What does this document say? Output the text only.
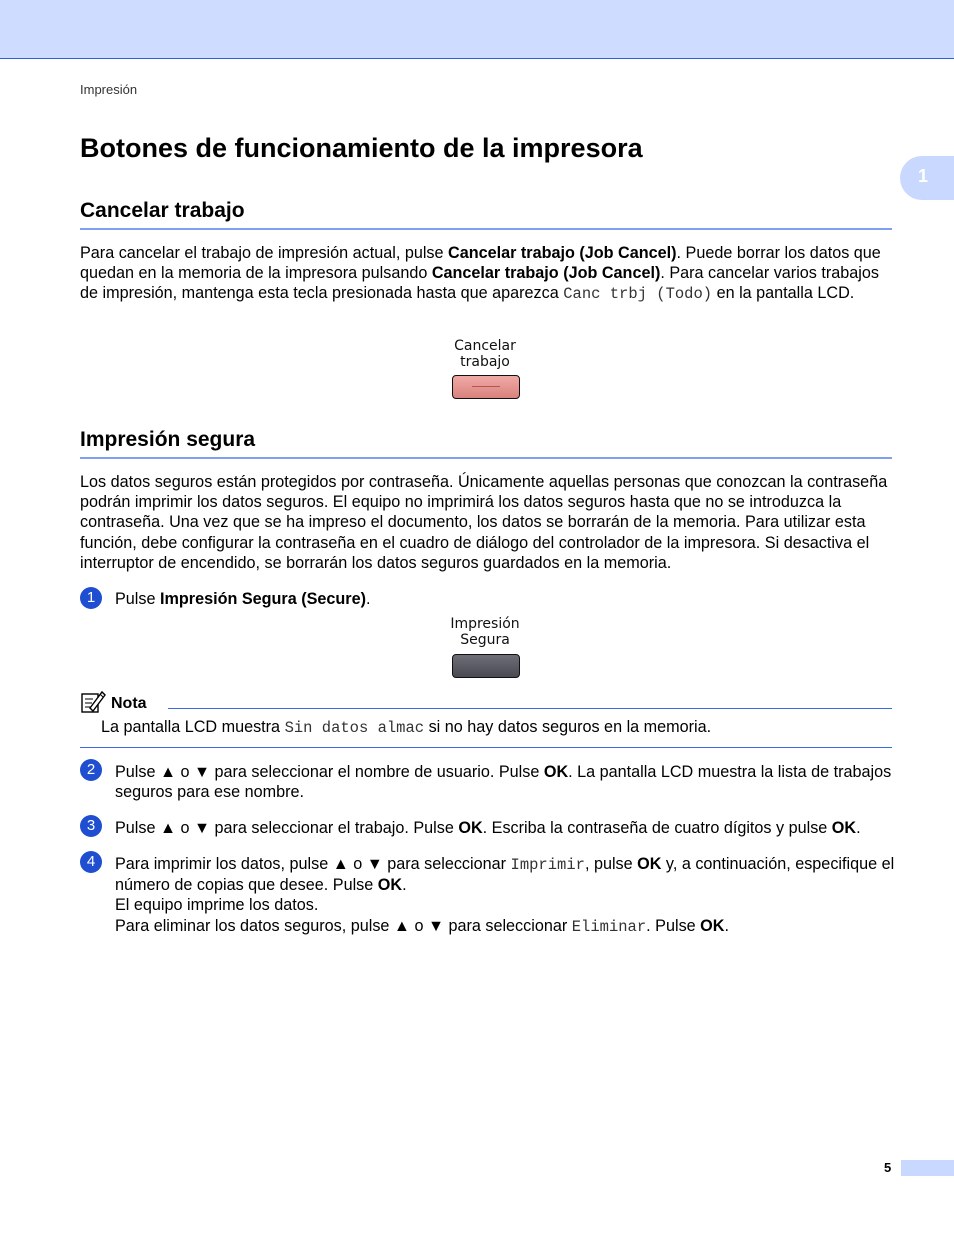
Impresión
1
Botones de funcionamiento de la impresora
Cancelar trabajo

Para cancelar el trabajo de impresión actual, pulse Cancelar trabajo (Job Cancel). Puede borrar los datos que quedan en la memoria de la impresora pulsando Cancelar trabajo (Job Cancel). Para cancelar varios trabajos de impresión, mantenga esta tecla presionada hasta que aparezca Canc trbj (Todo) en la pantalla LCD.

Cancelar
trabajo
Impresión segura

Los datos seguros están protegidos por contraseña. Únicamente aquellas personas que conozcan la contraseña podrán imprimir los datos seguros. El equipo no imprimirá los datos seguros hasta que no se introduzca la contraseña. Una vez que se ha impreso el documento, los datos se borrarán de la memoria. Para utilizar esta función, debe configurar la contraseña en el cuadro de diálogo del controlador de la impresora. Si desactiva el interruptor de encendido, se borrarán los datos seguros guardados en la memoria.

1	Pulse Impresión Segura (Secure).

Impresión
Segura
Nota
La pantalla LCD muestra Sin datos almac si no hay datos seguros en la memoria.
2	Pulse ▲ o ▼ para seleccionar el nombre de usuario. Pulse OK. La pantalla LCD muestra la lista de trabajos seguros para ese nombre.

3	Pulse ▲ o ▼ para seleccionar el trabajo. Pulse OK. Escriba la contraseña de cuatro dígitos y pulse OK.

4	Para imprimir los datos, pulse ▲ o ▼ para seleccionar Imprimir, pulse OK y, a continuación, especifique el número de copias que desee. Pulse OK.
El equipo imprime los datos.
Para eliminar los datos seguros, pulse ▲ o ▼ para seleccionar Eliminar. Pulse OK.
5
